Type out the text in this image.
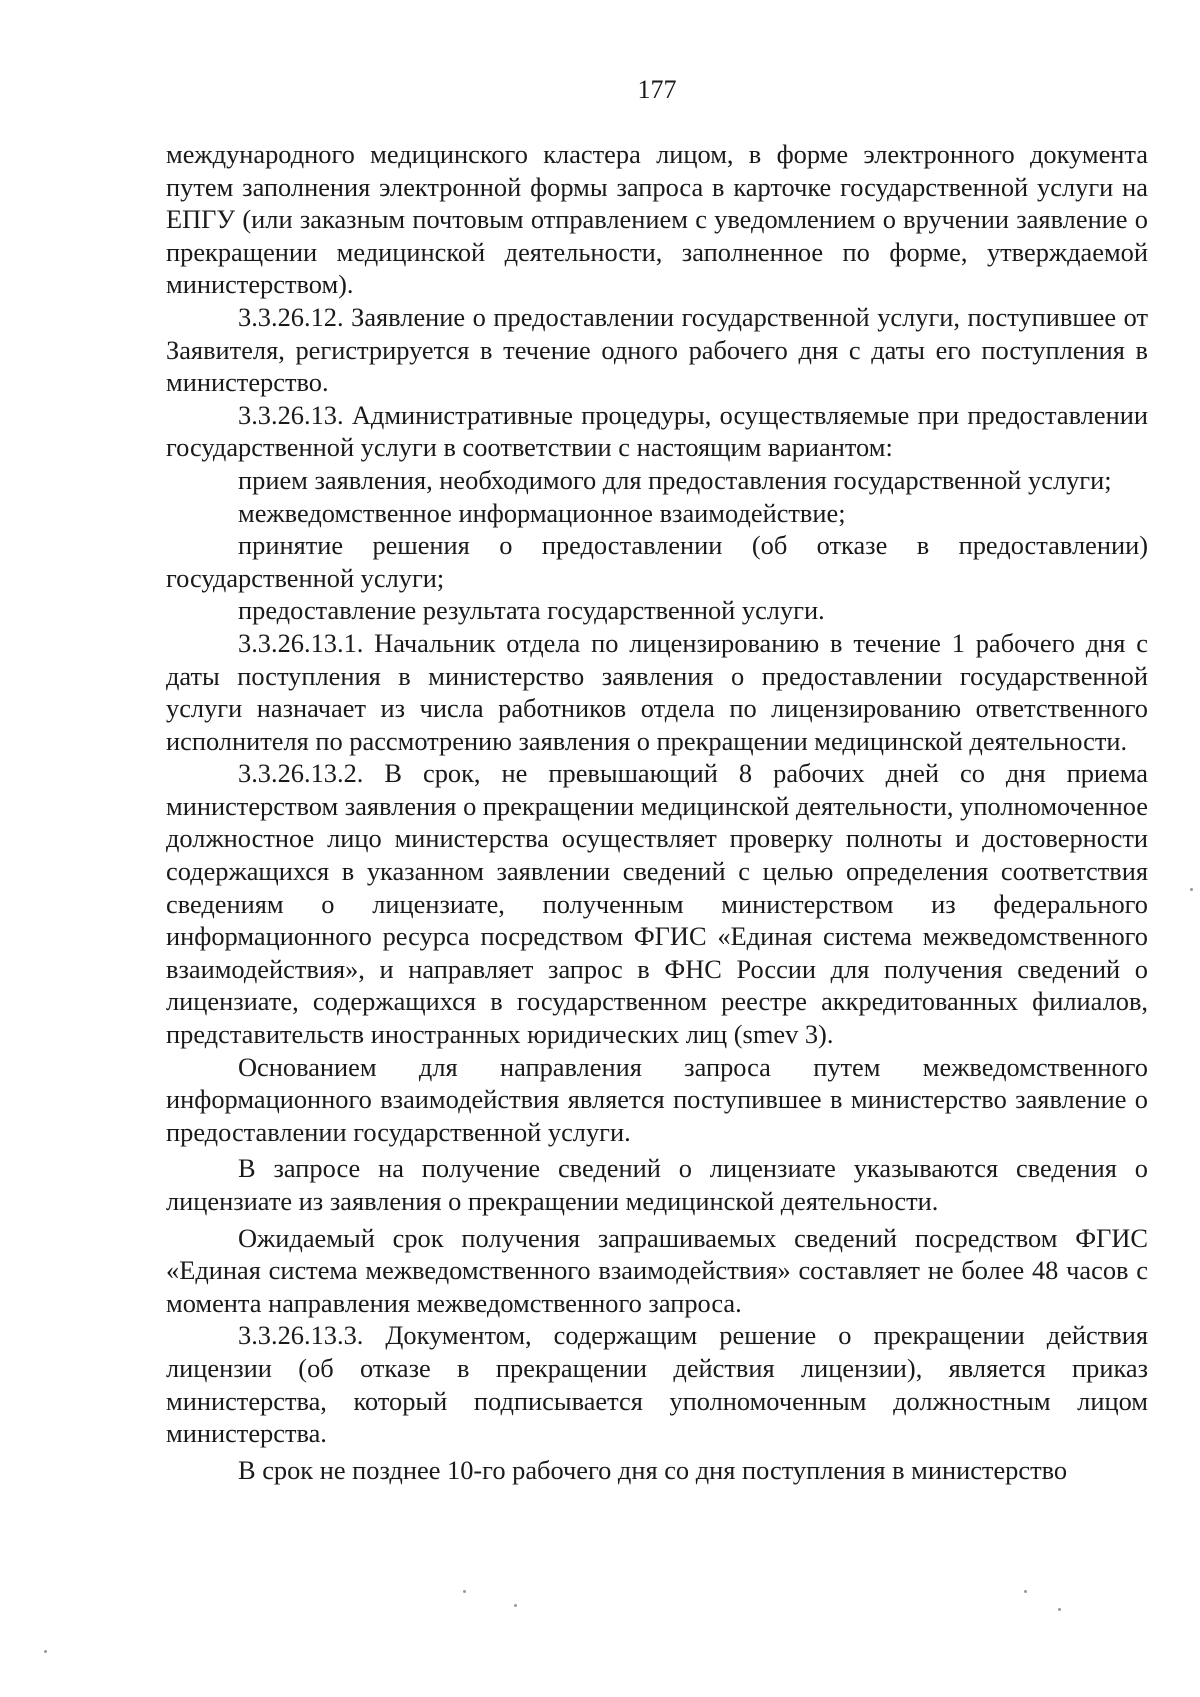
177

международного медицинского кластера лицом, в форме электронного документа путем заполнения электронной формы запроса в карточке государственной услуги на ЕПГУ (или заказным почтовым отправлением с уведомлением о вручении заявление о прекращении медицинской деятельности, заполненное по форме, утверждаемой министерством).

3.3.26.12. Заявление о предоставлении государственной услуги, поступившее от Заявителя, регистрируется в течение одного рабочего дня с даты его поступления в министерство.

3.3.26.13. Административные процедуры, осуществляемые при предоставлении государственной услуги в соответствии с настоящим вариантом:

прием заявления, необходимого для предоставления государственной услуги;

межведомственное информационное взаимодействие;

принятие решения о предоставлении (об отказе в предоставлении) государственной услуги;

предоставление результата государственной услуги.

3.3.26.13.1. Начальник отдела по лицензированию в течение 1 рабочего дня с даты поступления в министерство заявления о предоставлении государственной услуги назначает из числа работников отдела по лицензированию ответственного исполнителя по рассмотрению заявления о прекращении медицинской деятельности.

3.3.26.13.2. В срок, не превышающий 8 рабочих дней со дня приема министерством заявления о прекращении медицинской деятельности, уполномоченное должностное лицо министерства осуществляет проверку полноты и достоверности содержащихся в указанном заявлении сведений с целью определения соответствия сведениям о лицензиате, полученным министерством из федерального информационного ресурса посредством ФГИС «Единая система межведомственного взаимодействия», и направляет запрос в ФНС России для получения сведений о лицензиате, содержащихся в государственном реестре аккредитованных филиалов, представительств иностранных юридических лиц (smev 3).

Основанием для направления запроса путем межведомственного информационного взаимодействия является поступившее в министерство заявление о предоставлении государственной услуги.

В запросе на получение сведений о лицензиате указываются сведения о лицензиате из заявления о прекращении медицинской деятельности.

Ожидаемый срок получения запрашиваемых сведений посредством ФГИС «Единая система межведомственного взаимодействия» составляет не более 48 часов с момента направления межведомственного запроса.

3.3.26.13.3. Документом, содержащим решение о прекращении действия лицензии (об отказе в прекращении действия лицензии), является приказ министерства, который подписывается уполномоченным должностным лицом министерства.

В срок не позднее 10-го рабочего дня со дня поступления в министерство
